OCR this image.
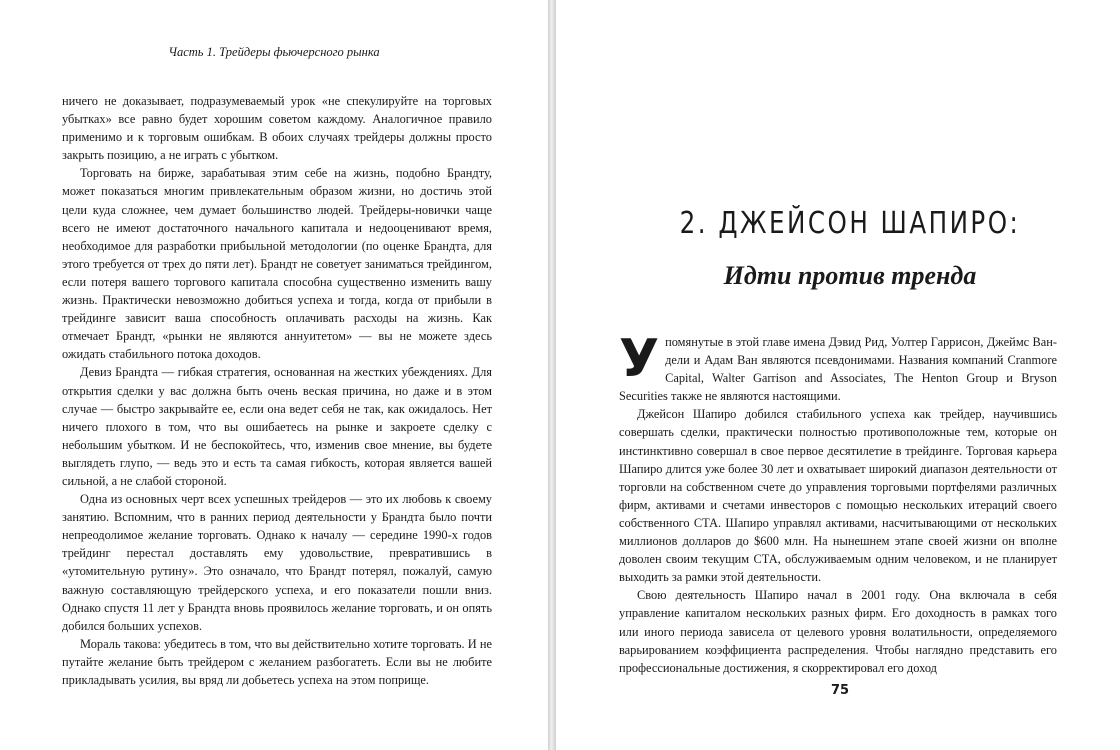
Часть 1. Трейдеры фьючерсного рынка

ничего не доказывает, подразумеваемый урок «не спекулируйте на торговых убытках» все равно будет хорошим советом каждому. Аналогичное правило применимо и к торговым ошибкам. В обоих случаях трейдеры должны просто закрыть позицию, а не играть с убытком.

Торговать на бирже, зарабатывая этим себе на жизнь, подобно Брандту, может показаться многим привлекательным образом жизни, но достичь этой цели куда сложнее, чем думает большинство людей. Трейдеры-новички чаще всего не имеют достаточного начального капитала и недооценивают время, необходимое для разработки прибыльной методологии (по оценке Брандта, для этого требуется от трех до пяти лет). Брандт не советует заниматься трейдингом, если потеря вашего торгового капитала способна существенно изменить вашу жизнь. Практически невозможно добиться успеха и тогда, когда от прибыли в трейдинге зависит ваша способность оплачивать расходы на жизнь. Как отмечает Брандт, «рынки не являются аннуитетом» — вы не можете здесь ожидать стабильного потока доходов.

Девиз Брандта — гибкая стратегия, основанная на жестких убеждениях. Для открытия сделки у вас должна быть очень веская причина, но даже и в этом случае — быстро закрывайте ее, если она ведет себя не так, как ожидалось. Нет ничего плохого в том, что вы ошибаетесь на рынке и закроете сделку с небольшим убытком. И не беспокойтесь, что, изменив свое мнение, вы будете выглядеть глупо, — ведь это и есть та самая гибкость, которая является вашей сильной, а не слабой стороной.

Одна из основных черт всех успешных трейдеров — это их любовь к своему занятию. Вспомним, что в ранних период деятельности у Брандта было почти непреодолимое желание торговать. Однако к началу — середине 1990-х годов трейдинг перестал доставлять ему удовольствие, превратившись в «утомительную рутину». Это означало, что Брандт потерял, пожалуй, самую важную составляющую трейдерского успеха, и его показатели пошли вниз. Однако спустя 11 лет у Брандта вновь проявилось желание торговать, и он опять добился больших успехов.

Мораль такова: убедитесь в том, что вы действительно хотите торговать. И не путайте желание быть трейдером с желанием разбогатеть. Если вы не любите прикладывать усилия, вы вряд ли добьетесь успеха на этом поприще.

2. ДЖЕЙСОН ШАПИРО:
Идти против тренда

Упомянутые в этой главе имена Дэвид Рид, Уолтер Гаррисон, Джеймс Ван-дели и Адам Ван являются псевдонимами. Названия компаний Cranmore Capital, Walter Garrison and Associates, The Henton Group и Bryson Securities также не являются настоящими.

Джейсон Шапиро добился стабильного успеха как трейдер, научившись совершать сделки, практически полностью противоположные тем, которые он инстинктивно совершал в свое первое десятилетие в трейдинге. Торговая карьера Шапиро длится уже более 30 лет и охватывает широкий диапазон деятельности от торговли на собственном счете до управления торговыми портфелями различных фирм, активами и счетами инвесторов с помощью нескольких итераций своего собственного СТА. Шапиро управлял активами, насчитывающими от нескольких миллионов долларов до $600 млн. На нынешнем этапе своей жизни он вполне доволен своим текущим СТА, обслуживаемым одним человеком, и не планирует выходить за рамки этой деятельности.

Свою деятельность Шапиро начал в 2001 году. Она включала в себя управление капиталом нескольких разных фирм. Его доходность в рамках того или иного периода зависела от целевого уровня волатильности, определяемого варьированием коэффициента распределения. Чтобы наглядно представить его профессиональные достижения, я скорректировал его доход

75
